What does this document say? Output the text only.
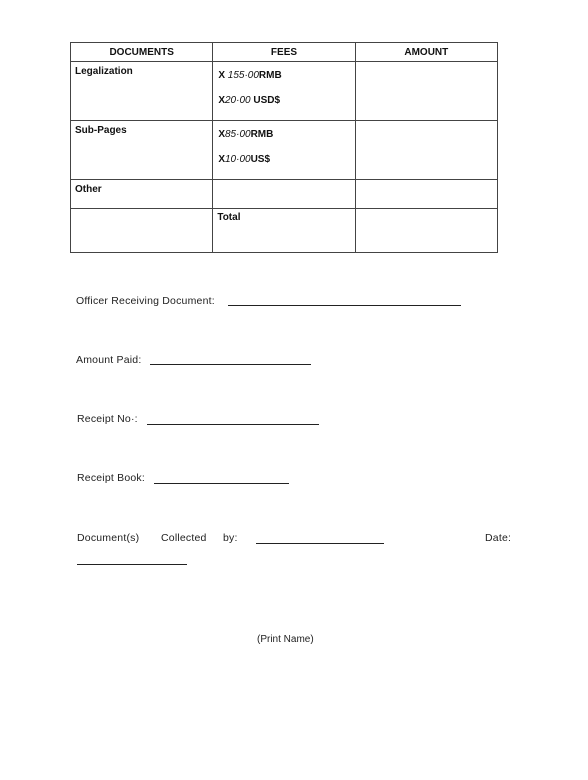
DOCUMENTS	FEES	AMOUNT

Legalization	X 155·00RMB
X20·00 USD$	

Sub-Pages	X85·00RMB
X10·00US$	

Other		

	Total	

Officer Receiving Document:
Amount Paid:
Receipt No·:
Receipt Book:
Document(s) Collected by:	Date:
(Print Name)
